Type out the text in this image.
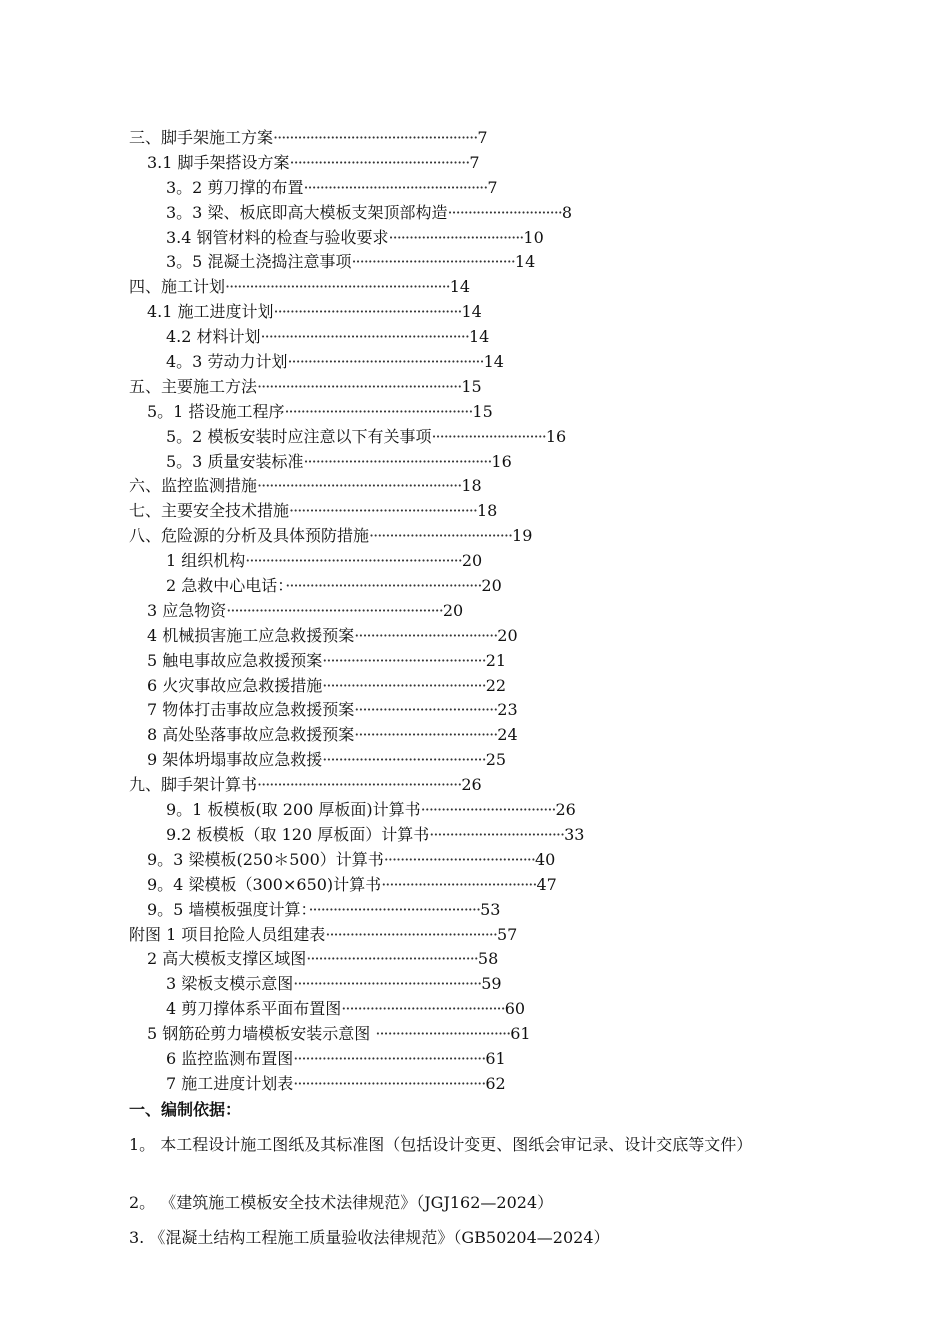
三、脚手架施工方案··················································7
3.1 脚手架搭设方案············································7
3。2 剪刀撑的布置·············································7
3。3 梁、板底即高大模板支架顶部构造····························8
3.4 钢管材料的检查与验收要求·································10
3。5 混凝土浇捣注意事项········································14
四、施工计划·······················································14
4.1 施工进度计划··············································14
4.2 材料计划···················································14
4。3 劳动力计划················································14
五、主要施工方法··················································15
5。1 搭设施工程序··············································15
5。2 模板安装时应注意以下有关事项····························16
5。3 质量安装标准··············································16
六、监控监测措施··················································18
七、主要安全技术措施··············································18
八、危险源的分析及具体预防措施···································19
1 组织机构·····················································20
2 急救中心电话：················································20
3 应急物资·····················································20
4 机械损害施工应急救援预案···································20
5 触电事故应急救援预案········································21
6 火灾事故应急救援措施········································22
7 物体打击事故应急救援预案···································23
8 高处坠落事故应急救援预案···································24
9 架体坍塌事故应急救援········································25
九、脚手架计算书··················································26
9。1 板模板(取 200 厚板面)计算书·································26
9.2 板模板（取 120 厚板面）计算书·································33
9。3 梁模板(250＊500）计算书·····································40
9。4 梁模板（300×650)计算书······································47
9。5 墙模板强度计算：··········································53
附图 1 项目抢险人员组建表··········································57
2 高大模板支撑区域图··········································58
3 梁板支模示意图··············································59
4 剪刀撑体系平面布置图········································60
5 钢筋砼剪力墙模板安装示意图 ·································61
6 监控监测布置图···············································61
7 施工进度计划表···············································62
一、编制依据：
1。 本工程设计施工图纸及其标准图（包括设计变更、图纸会审记录、设计交底等文件）
2。 《建筑施工模板安全技术法律规范》（JGJ162—2024）
3. 《混凝土结构工程施工质量验收法律规范》（GB50204—2024）
